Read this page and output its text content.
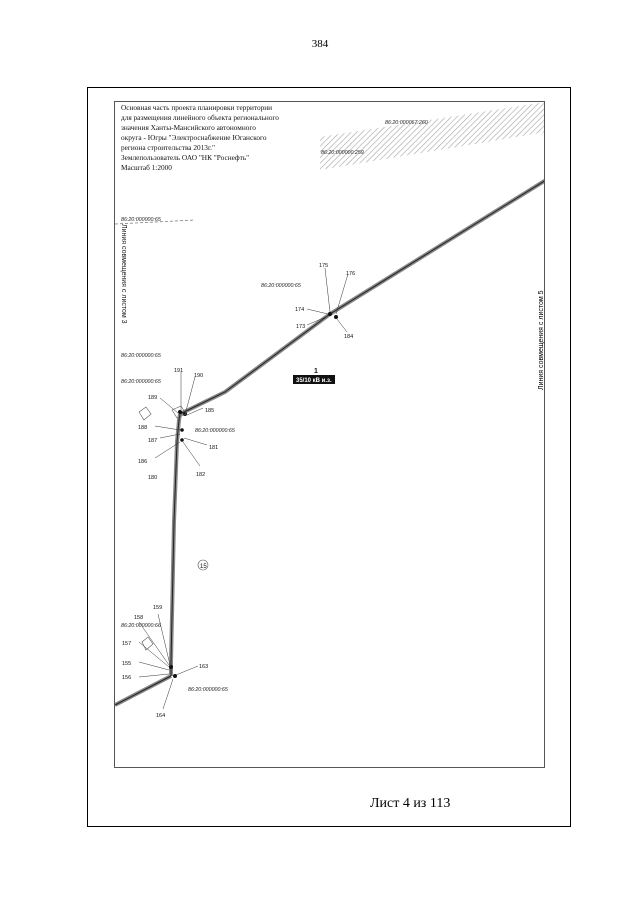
384
175
176
174
173
184
191
190
189
185
188
187
181
186
180	182
159
158
157
155
156
163
164
86:20:000067:260
86:20:000000:259
86:20:000000:65
86:20:000000:65
86:20:000000:65
86:20:000000:65
86:20:000000:65
86:20:000000:66
86:20:000000:65
1
35/10 кВ и.з.
15
Основная часть проекта планировки территории
для размещения линейного объекта регионального
значения Ханты-Мансийского автономного
округа - Югры "Электроснабжение Юганского
региона строительства 2013г."
Землепользователь ОАО "НК "Роснефть"
Масштаб 1:2000
Линия совмещения с листом 5
Линия совмещения с листом 3
Лист 4 из 113
